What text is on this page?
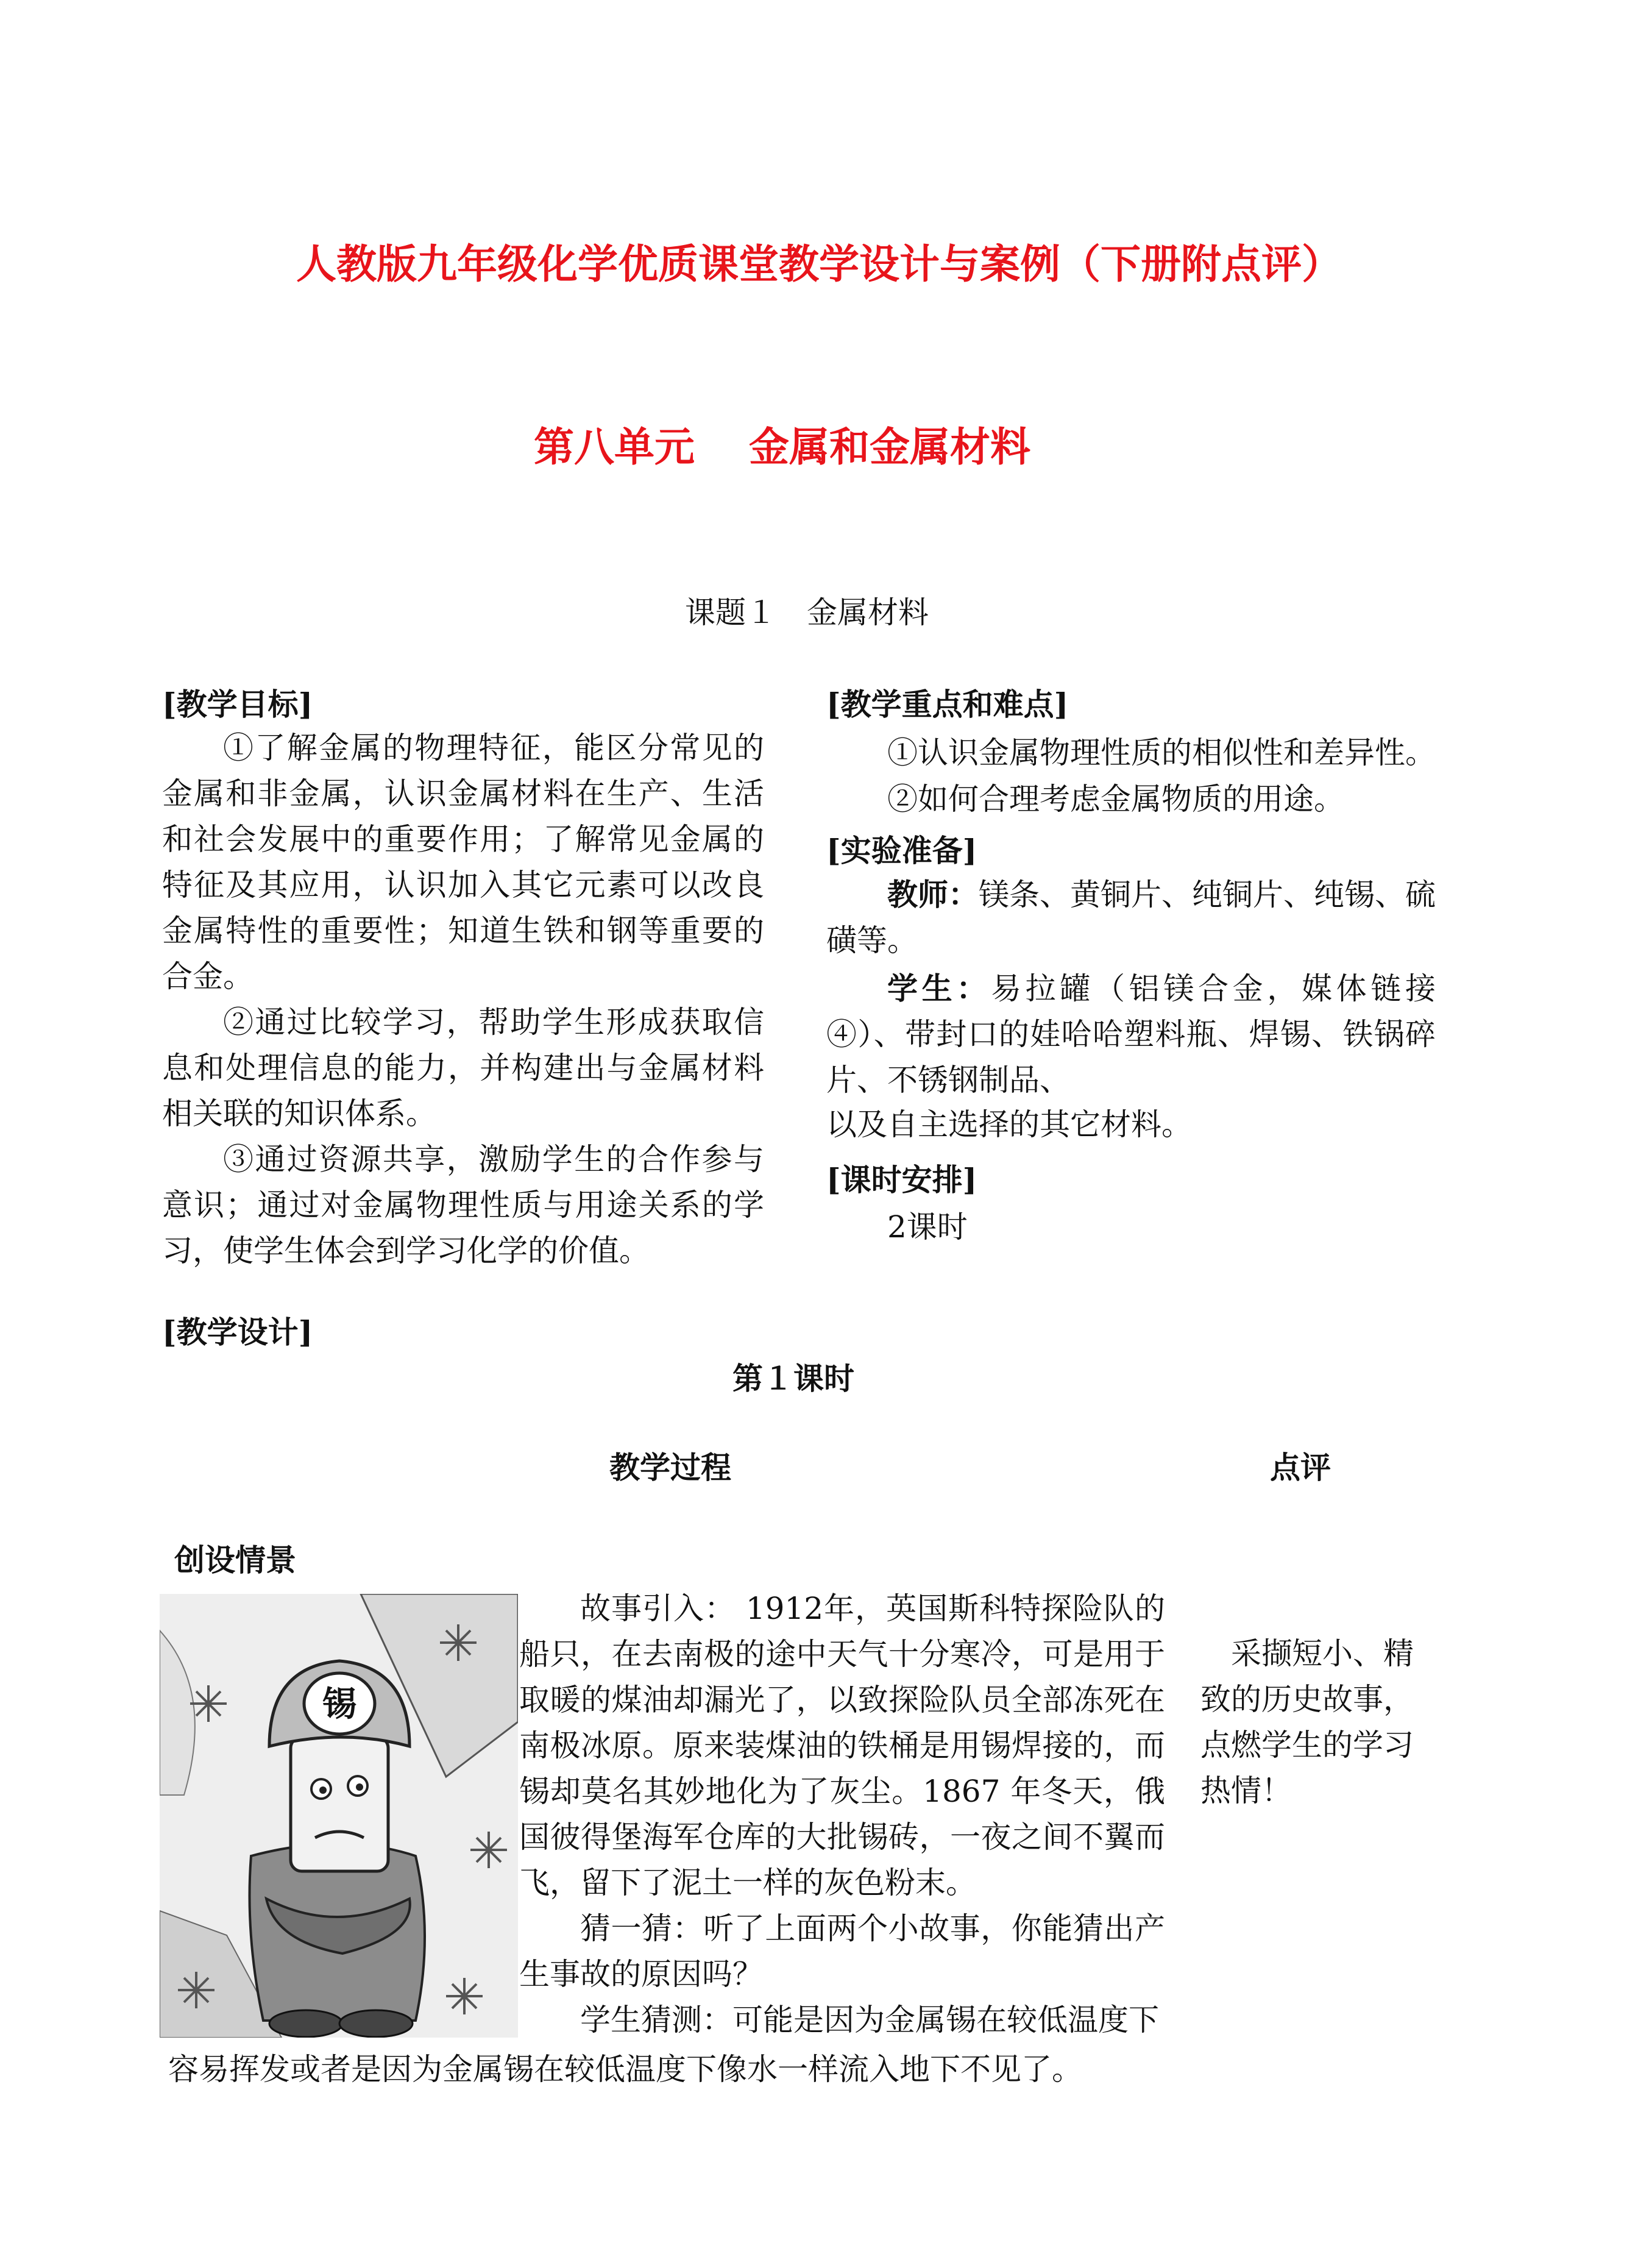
人教版九年级化学优质课堂教学设计与案例（下册附点评）
第八单元　 金属和金属材料
课题１　金属材料
[教学目标]

①了解金属的物理特征，能区分常见的金属和非金属，认识金属材料在生产、生活和社会发展中的重要作用；了解常见金属的特征及其应用，认识加入其它元素可以改良金属特性的重要性；知道生铁和钢等重要的合金。

②通过比较学习，帮助学生形成获取信息和处理信息的能力，并构建出与金属材料相关联的知识体系。

③通过资源共享，激励学生的合作参与意识；通过对金属物理性质与用途关系的学习，使学生体会到学习化学的价值。

[教学设计]
[教学重点和难点]
①认识金属物理性质的相似性和差异性。
②如何合理考虑金属物质的用途。
[实验准备]
教师：镁条、黄铜片、纯铜片、纯锡、硫磺等。
学生：易拉罐（铝镁合金，媒体链接④）、带封口的娃哈哈塑料瓶、焊锡、铁锅碎片、不锈钢制品、
以及自主选择的其它材料。
[课时安排]
2课时
第１课时
教学过程	点评
创设情景
锡

故事引入： 1912年，英国斯科特探险队的船只，在去南极的途中天气十分寒冷，可是用于取暖的煤油却漏光了，以致探险队员全部冻死在南极冰原。原来装煤油的铁桶是用锡焊接的，而锡却莫名其妙地化为了灰尘。1867 年冬天，俄国彼得堡海军仓库的大批锡砖，一夜之间不翼而飞，留下了泥土一样的灰色粉末。

猜一猜：听了上面两个小故事，你能猜出产生事故的原因吗？

学生猜测：可能是因为金属锡在较低温度下

容易挥发或者是因为金属锡在较低温度下像水一样流入地下不见了。
采撷短小、精致的历史故事，点燃学生的学习热情！
